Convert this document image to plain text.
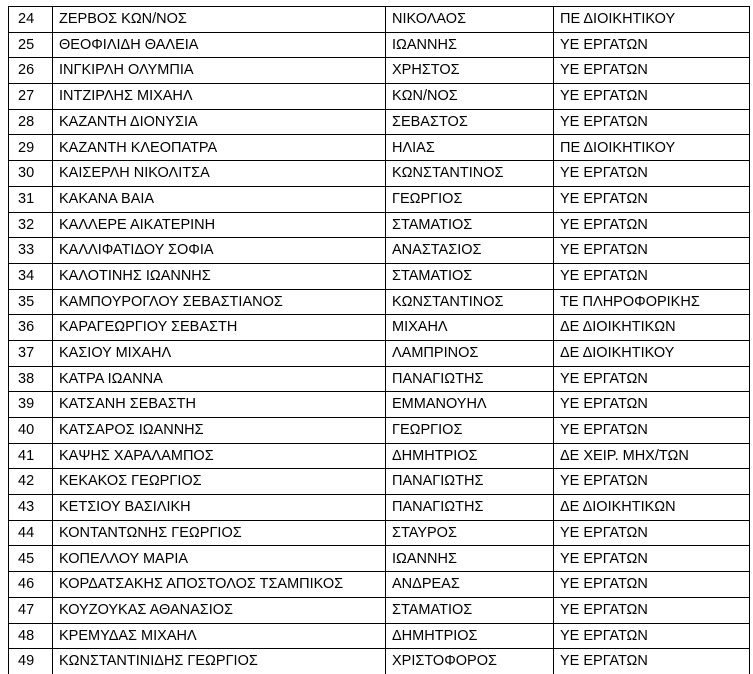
24	ΖΕΡΒΟΣ ΚΩΝ/ΝΟΣ	ΝΙΚΟΛΑΟΣ	ΠΕ ΔΙΟΙΚΗΤΙΚΟΥ
25	ΘΕΟΦΙΛΙΔΗ ΘΑΛΕΙΑ	ΙΩΑΝΝΗΣ	ΥΕ ΕΡΓΑΤΩΝ
26	ΙΝΓΚΙΡΛΗ ΟΛΥΜΠΙΑ	ΧΡΗΣΤΟΣ	ΥΕ ΕΡΓΑΤΩΝ
27	ΙΝΤΖΙΡΛΗΣ ΜΙΧΑΗΛ	ΚΩΝ/ΝΟΣ	ΥΕ ΕΡΓΑΤΩΝ
28	ΚΑΖΑΝΤΗ ΔΙΟΝΥΣΙΑ	ΣΕΒΑΣΤΟΣ	ΥΕ ΕΡΓΑΤΩΝ
29	ΚΑΖΑΝΤΗ ΚΛΕΟΠΑΤΡΑ	ΗΛΙΑΣ	ΠΕ ΔΙΟΙΚΗΤΙΚΟΥ
30	ΚΑΙΣΕΡΛΗ ΝΙΚΟΛΙΤΣΑ	ΚΩΝΣΤΑΝΤΙΝΟΣ	ΥΕ ΕΡΓΑΤΩΝ
31	ΚΑΚΑΝΑ ΒΑΙΑ	ΓΕΩΡΓΙΟΣ	ΥΕ ΕΡΓΑΤΩΝ
32	ΚΑΛΛΕΡΕ ΑΙΚΑΤΕΡΙΝΗ	ΣΤΑΜΑΤΙΟΣ	ΥΕ ΕΡΓΑΤΩΝ
33	ΚΑΛΛΙΦΑΤΙΔΟΥ ΣΟΦΙΑ	ΑΝΑΣΤΑΣΙΟΣ	ΥΕ ΕΡΓΑΤΩΝ
34	ΚΑΛΟΤΙΝΗΣ ΙΩΑΝΝΗΣ	ΣΤΑΜΑΤΙΟΣ	ΥΕ ΕΡΓΑΤΩΝ
35	ΚΑΜΠΟΥΡΟΓΛΟΥ ΣΕΒΑΣΤΙΑΝΟΣ	ΚΩΝΣΤΑΝΤΙΝΟΣ	ΤΕ ΠΛΗΡΟΦΟΡΙΚΗΣ
36	ΚΑΡΑΓΕΩΡΓΙΟΥ ΣΕΒΑΣΤΗ	ΜΙΧΑΗΛ	ΔΕ ΔΙΟΙΚΗΤΙΚΩΝ
37	ΚΑΣΙΟΥ ΜΙΧΑΗΛ	ΛΑΜΠΡΙΝΟΣ	ΔΕ ΔΙΟΙΚΗΤΙΚΟΥ
38	ΚΑΤΡΑ ΙΩΑΝΝΑ	ΠΑΝΑΓΙΩΤΗΣ	ΥΕ ΕΡΓΑΤΩΝ
39	ΚΑΤΣΑΝΗ ΣΕΒΑΣΤΗ	ΕΜΜΑΝΟΥΗΛ	ΥΕ ΕΡΓΑΤΩΝ
40	ΚΑΤΣΑΡΟΣ ΙΩΑΝΝΗΣ	ΓΕΩΡΓΙΟΣ	ΥΕ ΕΡΓΑΤΩΝ
41	ΚΑΨΗΣ ΧΑΡΑΛΑΜΠΟΣ	ΔΗΜΗΤΡΙΟΣ	ΔΕ ΧΕΙΡ. ΜΗΧ/ΤΩΝ
42	ΚΕΚΑΚΟΣ ΓΕΩΡΓΙΟΣ	ΠΑΝΑΓΙΩΤΗΣ	ΥΕ ΕΡΓΑΤΩΝ
43	ΚΕΤΣΙΟΥ ΒΑΣΙΛΙΚΗ	ΠΑΝΑΓΙΩΤΗΣ	ΔΕ ΔΙΟΙΚΗΤΙΚΩΝ
44	ΚΟΝΤΑΝΤΩΝΗΣ ΓΕΩΡΓΙΟΣ	ΣΤΑΥΡΟΣ	ΥΕ ΕΡΓΑΤΩΝ
45	ΚΟΠΕΛΛΟΥ ΜΑΡΙΑ	ΙΩΑΝΝΗΣ	ΥΕ ΕΡΓΑΤΩΝ
46	ΚΟΡΔΑΤΣΑΚΗΣ ΑΠΟΣΤΟΛΟΣ ΤΣΑΜΠΙΚΟΣ	ΑΝΔΡΕΑΣ	ΥΕ ΕΡΓΑΤΩΝ
47	ΚΟΥΖΟΥΚΑΣ ΑΘΑΝΑΣΙΟΣ	ΣΤΑΜΑΤΙΟΣ	ΥΕ ΕΡΓΑΤΩΝ
48	ΚΡΕΜΥΔΑΣ ΜΙΧΑΗΛ	ΔΗΜΗΤΡΙΟΣ	ΥΕ ΕΡΓΑΤΩΝ
49	ΚΩΝΣΤΑΝΤΙΝΙΔΗΣ ΓΕΩΡΓΙΟΣ	ΧΡΙΣΤΟΦΟΡΟΣ	ΥΕ ΕΡΓΑΤΩΝ
